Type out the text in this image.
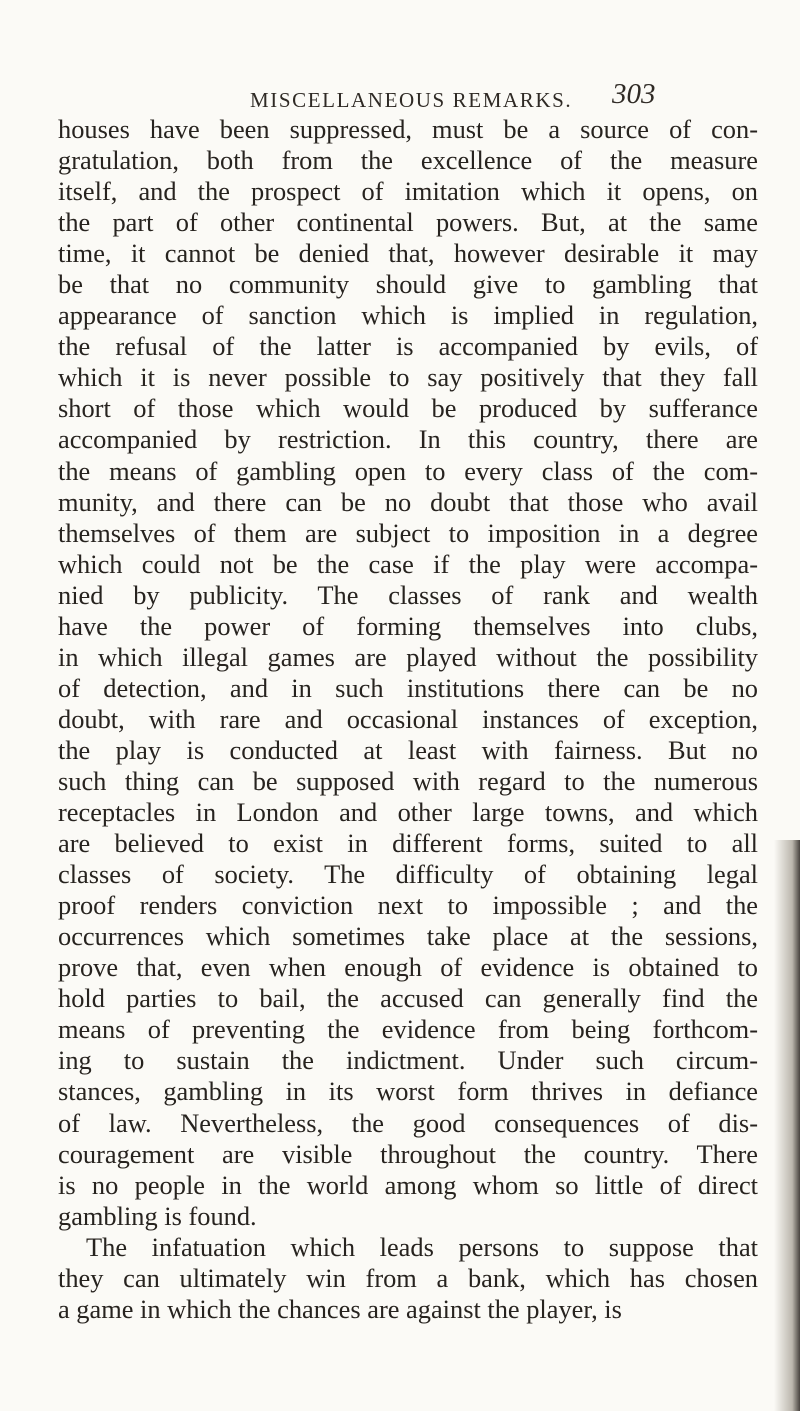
MISCELLANEOUS REMARKS. 303
houses have been suppressed, must be a source of con-
gratulation, both from the excellence of the measure
itself, and the prospect of imitation which it opens, on
the part of other continental powers. But, at the same
time, it cannot be denied that, however desirable it may
be that no community should give to gambling that
appearance of sanction which is implied in regulation,
the refusal of the latter is accompanied by evils, of
which it is never possible to say positively that they fall
short of those which would be produced by sufferance
accompanied by restriction. In this country, there are
the means of gambling open to every class of the com-
munity, and there can be no doubt that those who avail
themselves of them are subject to imposition in a degree
which could not be the case if the play were accompa-
nied by publicity. The classes of rank and wealth
have the power of forming themselves into clubs,
in which illegal games are played without the possibility
of detection, and in such institutions there can be no
doubt, with rare and occasional instances of exception,
the play is conducted at least with fairness. But no
such thing can be supposed with regard to the numerous
receptacles in London and other large towns, and which
are believed to exist in different forms, suited to all
classes of society. The difficulty of obtaining legal
proof renders conviction next to impossible ; and the
occurrences which sometimes take place at the sessions,
prove that, even when enough of evidence is obtained to
hold parties to bail, the accused can generally find the
means of preventing the evidence from being forthcom-
ing to sustain the indictment. Under such circum-
stances, gambling in its worst form thrives in defiance
of law. Nevertheless, the good consequences of dis-
couragement are visible throughout the country. There
is no people in the world among whom so little of direct
gambling is found.
The infatuation which leads persons to suppose that
they can ultimately win from a bank, which has chosen
a game in which the chances are against the player, is
